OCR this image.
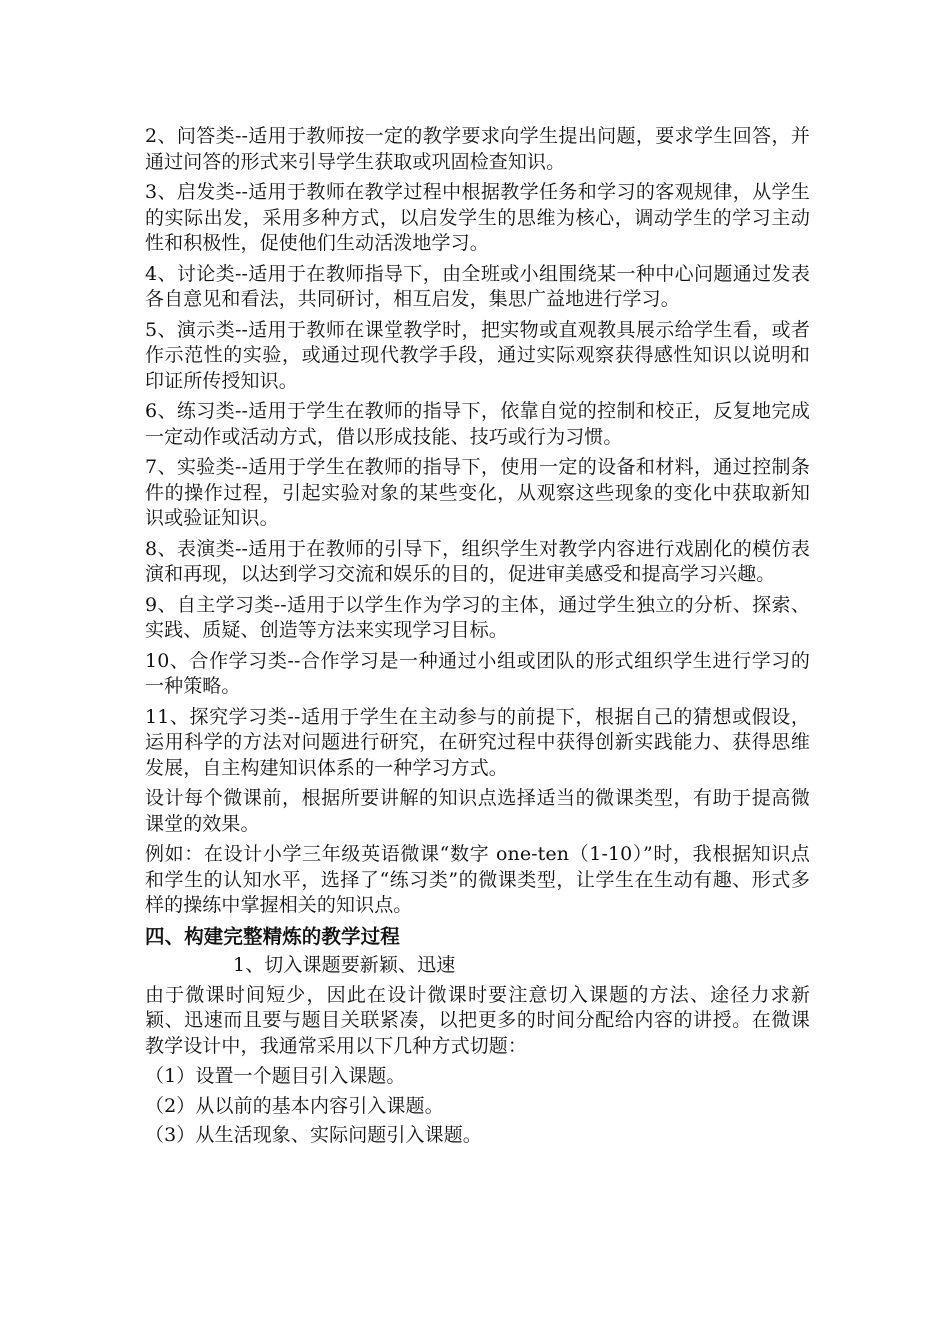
2、问答类--适用于教师按一定的教学要求向学生提出问题，要求学生回答，并通过问答的形式来引导学生获取或巩固检查知识。

3、启发类--适用于教师在教学过程中根据教学任务和学习的客观规律，从学生的实际出发，采用多种方式，以启发学生的思维为核心，调动学生的学习主动性和积极性，促使他们生动活泼地学习。

4、讨论类--适用于在教师指导下，由全班或小组围绕某一种中心问题通过发表各自意见和看法，共同研讨，相互启发，集思广益地进行学习。

5、演示类--适用于教师在课堂教学时，把实物或直观教具展示给学生看，或者作示范性的实验，或通过现代教学手段，通过实际观察获得感性知识以说明和印证所传授知识。

6、练习类--适用于学生在教师的指导下，依靠自觉的控制和校正，反复地完成一定动作或活动方式，借以形成技能、技巧或行为习惯。

7、实验类--适用于学生在教师的指导下，使用一定的设备和材料，通过控制条件的操作过程，引起实验对象的某些变化，从观察这些现象的变化中获取新知识或验证知识。

8、表演类--适用于在教师的引导下，组织学生对教学内容进行戏剧化的模仿表演和再现，以达到学习交流和娱乐的目的，促进审美感受和提高学习兴趣。

9、自主学习类--适用于以学生作为学习的主体，通过学生独立的分析、探索、实践、质疑、创造等方法来实现学习目标。

10、合作学习类--合作学习是一种通过小组或团队的形式组织学生进行学习的一种策略。

11、探究学习类--适用于学生在主动参与的前提下，根据自己的猜想或假设，运用科学的方法对问题进行研究，在研究过程中获得创新实践能力、获得思维发展，自主构建知识体系的一种学习方式。

设计每个微课前，根据所要讲解的知识点选择适当的微课类型，有助于提高微课堂的效果。

例如：在设计小学三年级英语微课“数字 one-ten（1-10）”时，我根据知识点和学生的认知水平，选择了“练习类”的微课类型，让学生在生动有趣、形式多样的操练中掌握相关的知识点。

四、构建完整精炼的教学过程

1、切入课题要新颖、迅速

由于微课时间短少，因此在设计微课时要注意切入课题的方法、途径力求新颖、迅速而且要与题目关联紧凑，以把更多的时间分配给内容的讲授。在微课教学设计中，我通常采用以下几种方式切题：

（1）设置一个题目引入课题。

（2）从以前的基本内容引入课题。

（3）从生活现象、实际问题引入课题。
